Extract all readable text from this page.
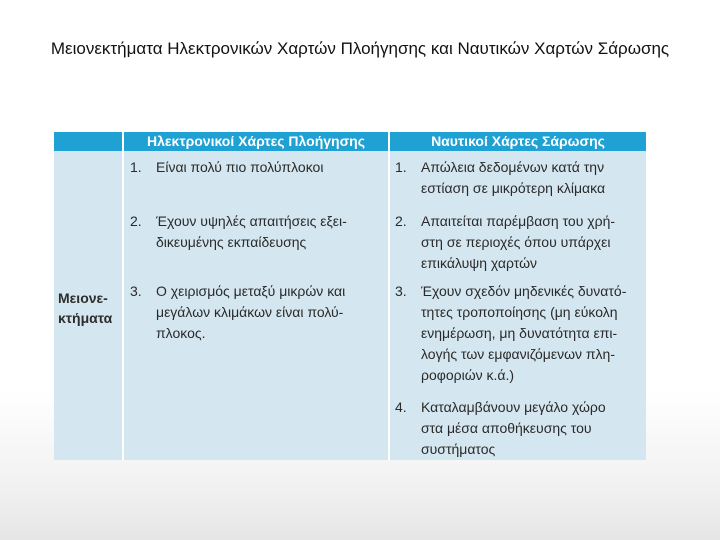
Μειονεκτήματα Ηλεκτρονικών Χαρτών Πλοήγησης και Ναυτικών Χαρτών Σάρωσης
Ηλεκτρονικοί Χάρτες Πλοήγησης	Ναυτικοί Χάρτες Σάρωσης
Μειονε-
κτήματα
1. Είναι πολύ πιο πολύπλοκοι
2. Έχουν υψηλές απαιτήσεις εξει-
δικευμένης εκπαίδευσης
3. Ο χειρισμός μεταξύ μικρών και
μεγάλων κλιμάκων είναι πολύ-
πλοκος.
1. Απώλεια δεδομένων κατά την
εστίαση σε μικρότερη κλίμακα
2. Απαιτείται παρέμβαση του χρή-
στη σε περιοχές όπου υπάρχει
επικάλυψη χαρτών
3. Έχουν σχεδόν μηδενικές δυνατό-
τητες τροποποίησης (μη εύκολη
ενημέρωση, μη δυνατότητα επι-
λογής των εμφανιζόμενων πλη-
ροφοριών κ.ά.)
4. Καταλαμβάνουν μεγάλο χώρο
στα μέσα αποθήκευσης του
συστήματος
